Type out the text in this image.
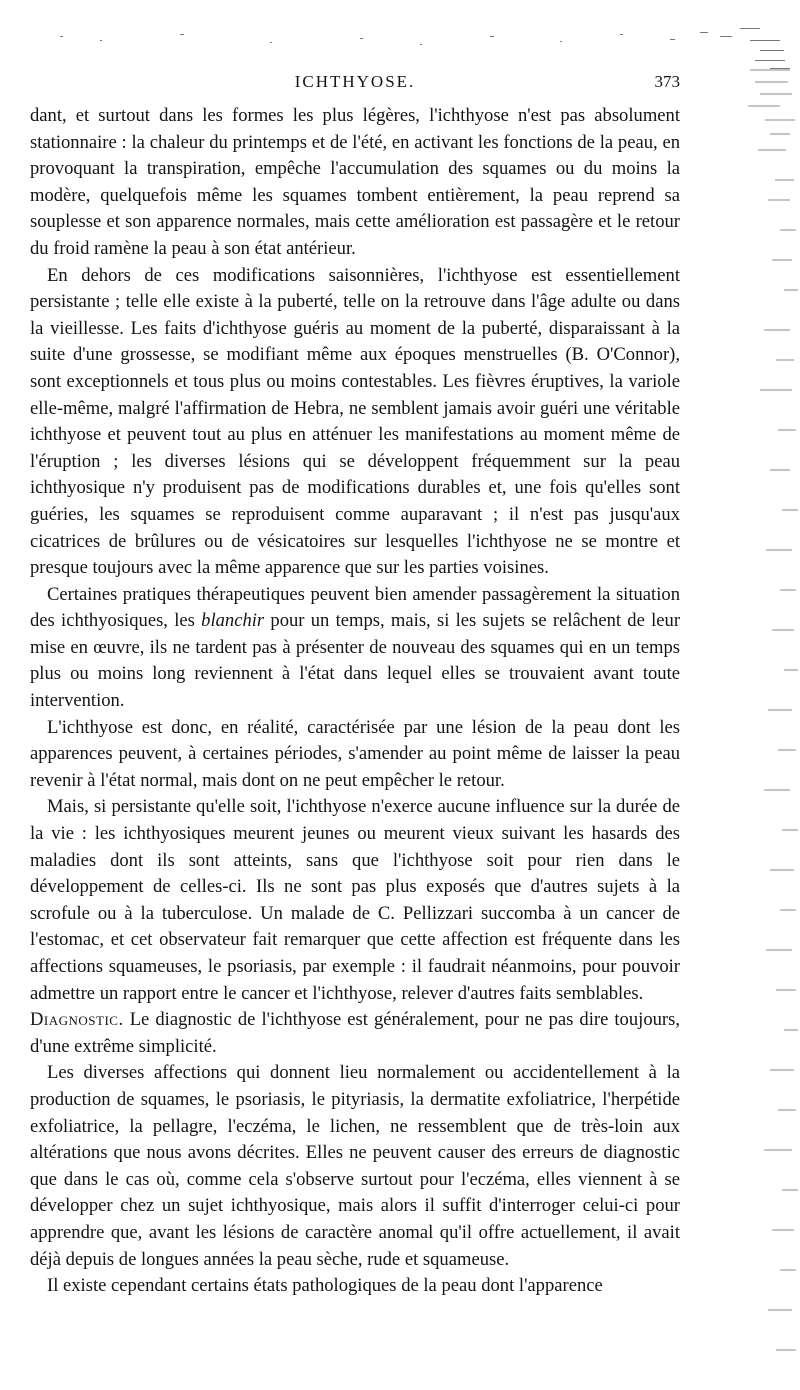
ICHTHYOSE.	373

dant, et surtout dans les formes les plus légères, l'ichthyose n'est pas absolument stationnaire : la chaleur du printemps et de l'été, en activant les fonctions de la peau, en provoquant la transpiration, empêche l'accumulation des squames ou du moins la modère, quelquefois même les squames tombent entièrement, la peau reprend sa souplesse et son apparence normales, mais cette amélioration est passagère et le retour du froid ramène la peau à son état antérieur.

En dehors de ces modifications saisonnières, l'ichthyose est essentiellement persistante ; telle elle existe à la puberté, telle on la retrouve dans l'âge adulte ou dans la vieillesse. Les faits d'ichthyose guéris au moment de la puberté, disparaissant à la suite d'une grossesse, se modifiant même aux époques menstruelles (B. O'Connor), sont exceptionnels et tous plus ou moins contestables. Les fièvres éruptives, la variole elle-même, malgré l'affirmation de Hebra, ne semblent jamais avoir guéri une véritable ichthyose et peuvent tout au plus en atténuer les manifestations au moment même de l'éruption ; les diverses lésions qui se développent fréquemment sur la peau ichthyosique n'y produisent pas de modifications durables et, une fois qu'elles sont guéries, les squames se reproduisent comme auparavant ; il n'est pas jusqu'aux cicatrices de brûlures ou de vésicatoires sur lesquelles l'ichthyose ne se montre et presque toujours avec la même apparence que sur les parties voisines.

Certaines pratiques thérapeutiques peuvent bien amender passagèrement la situation des ichthyosiques, les blanchir pour un temps, mais, si les sujets se relâchent de leur mise en œuvre, ils ne tardent pas à présenter de nouveau des squames qui en un temps plus ou moins long reviennent à l'état dans lequel elles se trouvaient avant toute intervention.

L'ichthyose est donc, en réalité, caractérisée par une lésion de la peau dont les apparences peuvent, à certaines périodes, s'amender au point même de laisser la peau revenir à l'état normal, mais dont on ne peut empêcher le retour.

Mais, si persistante qu'elle soit, l'ichthyose n'exerce aucune influence sur la durée de la vie : les ichthyosiques meurent jeunes ou meurent vieux suivant les hasards des maladies dont ils sont atteints, sans que l'ichthyose soit pour rien dans le développement de celles-ci. Ils ne sont pas plus exposés que d'autres sujets à la scrofule ou à la tuberculose. Un malade de C. Pellizzari succomba à un cancer de l'estomac, et cet observateur fait remarquer que cette affection est fréquente dans les affections squameuses, le psoriasis, par exemple : il faudrait néanmoins, pour pouvoir admettre un rapport entre le cancer et l'ichthyose, relever d'autres faits semblables.

Diagnostic. Le diagnostic de l'ichthyose est généralement, pour ne pas dire toujours, d'une extrême simplicité.

Les diverses affections qui donnent lieu normalement ou accidentellement à la production de squames, le psoriasis, le pityriasis, la dermatite exfoliatrice, l'herpétide exfoliatrice, la pellagre, l'eczéma, le lichen, ne ressemblent que de très-loin aux altérations que nous avons décrites. Elles ne peuvent causer des erreurs de diagnostic que dans le cas où, comme cela s'observe surtout pour l'eczéma, elles viennent à se développer chez un sujet ichthyosique, mais alors il suffit d'interroger celui-ci pour apprendre que, avant les lésions de caractère anomal qu'il offre actuellement, il avait déjà depuis de longues années la peau sèche, rude et squameuse.

Il existe cependant certains états pathologiques de la peau dont l'apparence
